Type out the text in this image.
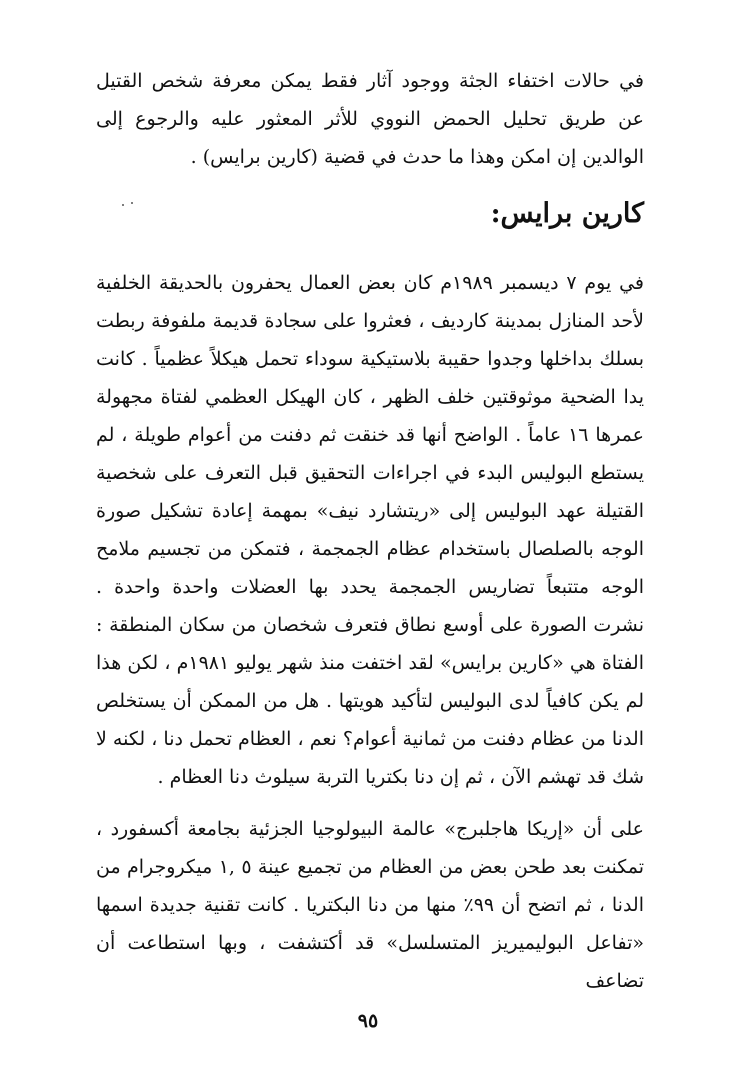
في حالات اختفاء الجثة ووجود آثار فقط يمكن معرفة شخص القتيل عن طريق تحليل الحمض النووي للأثر المعثور عليه والرجوع إلى الوالدين إن امكن وهذا ما حدث في قضية (كارين برايس) .

كارين برايس:

في يوم ٧ ديسمبر ١٩٨٩م كان بعض العمال يحفرون بالحديقة الخلفية لأحد المنازل بمدينة كارديف ، فعثروا على سجادة قديمة ملفوفة ربطت بسلك بداخلها وجدوا حقيبة بلاستيكية سوداء تحمل هيكلاً عظمياً . كانت يدا الضحية موثوقتين خلف الظهر ، كان الهيكل العظمي لفتاة مجهولة عمرها ١٦ عاماً . الواضح أنها قد خنقت ثم دفنت من أعوام طويلة ، لم يستطع البوليس البدء في اجراءات التحقيق قبل التعرف على شخصية القتيلة عهد البوليس إلى «ريتشارد نيف» بمهمة إعادة تشكيل صورة الوجه بالصلصال باستخدام عظام الجمجمة ، فتمكن من تجسيم ملامح الوجه متتبعاً تضاريس الجمجمة يحدد بها العضلات واحدة واحدة . نشرت الصورة على أوسع نطاق فتعرف شخصان من سكان المنطقة : الفتاة هي «كارين برايس» لقد اختفت منذ شهر يوليو ١٩٨١م ، لكن هذا لم يكن كافياً لدى البوليس لتأكيد هويتها . هل من الممكن أن يستخلص الدنا من عظام دفنت من ثمانية أعوام؟ نعم ، العظام تحمل دنا ، لكنه لا شك قد تهشم الآن ، ثم إن دنا بكتريا التربة سيلوث دنا العظام .

على أن «إريكا هاجلبرج» عالمة البيولوجيا الجزئية بجامعة أكسفورد ، تمكنت بعد طحن بعض من العظام من تجميع عينة ٥ ,١ ميكروجرام من الدنا ، ثم اتضح أن ٩٩٪ منها من دنا البكتريا . كانت تقنية جديدة اسمها «تفاعل البوليميريز المتسلسل» قد أكتشفت ، وبها استطاعت أن تضاعف

٩٥
